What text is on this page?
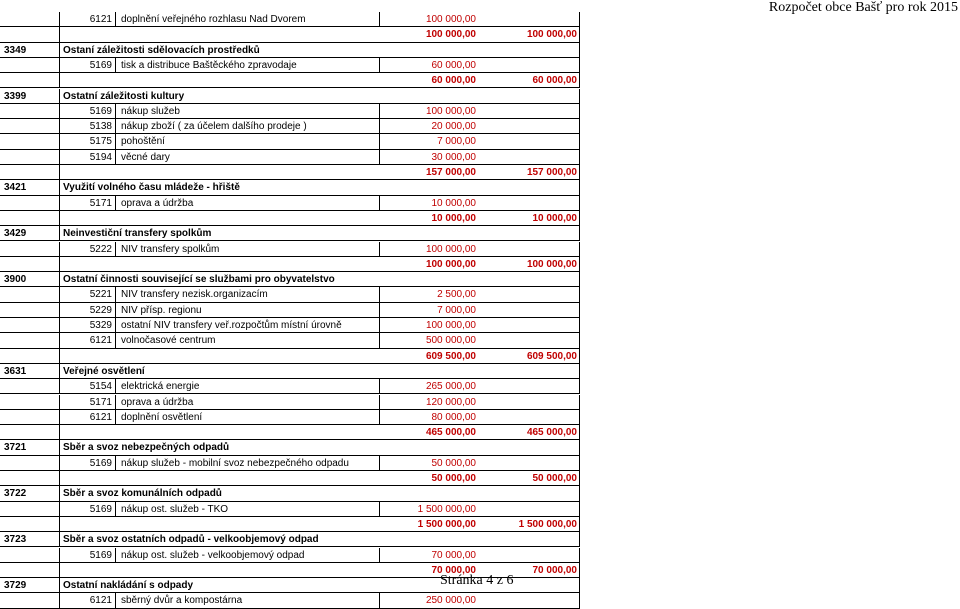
Rozpočet obce Bašť pro rok 2015
6121 doplnění veřejného rozhlasu Nad Dvorem	100 000,00
100 000,00	100 000,00
3349	Ostaní záležitosti sdělovacích prostředků
5169 tisk a distribuce Baštěckého zpravodaje	60 000,00
60 000,00	60 000,00
3399	Ostatní záležitosti kultury
5169 nákup služeb	100 000,00
5138 nákup zboží ( za účelem dalšího prodeje )	20 000,00
5175 pohoštění	7 000,00
5194 věcné dary	30 000,00
157 000,00	157 000,00
3421	Využití volného času mládeže - hřiště
5171 oprava a údržba	10 000,00
10 000,00	10 000,00
3429	Neinvestiční transfery spolkům
5222 NIV transfery spolkům	100 000,00
100 000,00	100 000,00
3900	Ostatní činnosti související se službami pro obyvatelstvo
5221 NIV transfery nezisk.organizacím	2 500,00
5229 NIV přísp. regionu	7 000,00
5329 ostatní NIV transfery veř.rozpočtům místní úrovně	100 000,00
6121 volnočasové centrum	500 000,00
609 500,00	609 500,00
3631	Veřejné osvětlení
5154 elektrická energie	265 000,00
5171 oprava a údržba	120 000,00
6121 doplnění osvětlení	80 000,00
465 000,00	465 000,00
3721	Sběr a svoz nebezpečných odpadů
5169 nákup služeb - mobilní svoz nebezpečného odpadu	50 000,00
50 000,00	50 000,00
3722	Sběr a svoz komunálních odpadů
5169 nákup ost. služeb - TKO	1 500 000,00
1 500 000,00	1 500 000,00
3723	Sběr a svoz ostatních odpadů - velkoobjemový odpad
5169 nákup ost. služeb - velkoobjemový odpad	70 000,00
70 000,00	70 000,00
3729	Ostatní nakládání s odpady
6121 sběrný dvůr a kompostárna	250 000,00
Stránka 4 z 6
